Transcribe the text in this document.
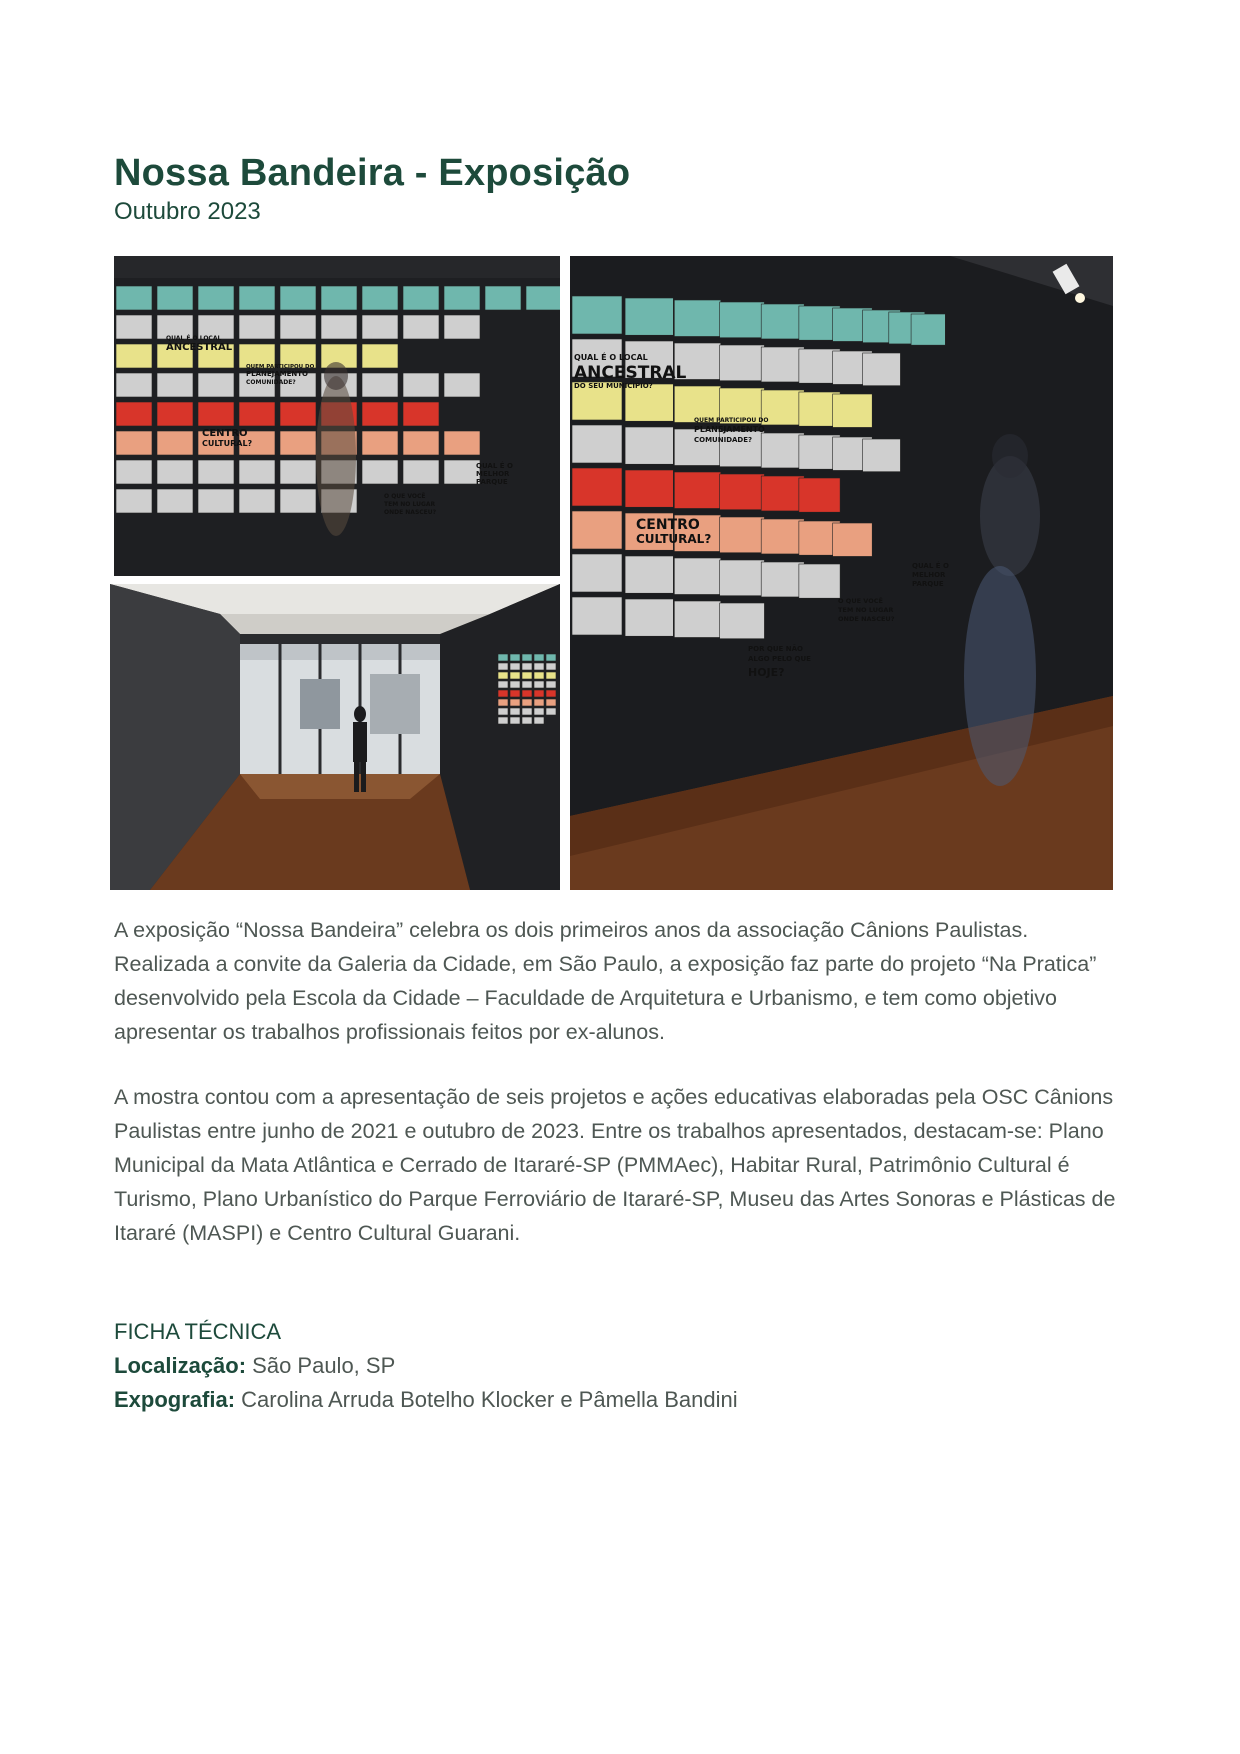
Nossa Bandeira - Exposição

Outubro 2023

QUAL É O LOCAL
ANCESTRAL
QUEM PARTICIPOU DO
PLANEJAMENTO
COMUNIDADE?
CENTRO
CULTURAL?
QUAL É O
MELHOR
PARQUE
O QUE VOCÊ
TEM NO LUGAR
ONDE NASCEU?
QUAL É O LOCAL
ANCESTRAL
DO SEU MUNICÍPIO?
QUEM PARTICIPOU DO
PLANEJAMENTO
COMUNIDADE?
CENTRO
CULTURAL?
QUAL É O
MELHOR
PARQUE
O QUE VOCÊ
TEM NO LUGAR
ONDE NASCEU?
POR QUE NÃO
ALGO PELO QUE
HOJE?

A exposição “Nossa Bandeira” celebra os dois primeiros anos da associação Cânions Paulistas. Realizada a convite da Galeria da Cidade, em São Paulo, a exposição faz parte do projeto “Na Pratica” desenvolvido pela Escola da Cidade – Faculdade de Arquitetura e Urbanismo, e tem como objetivo apresentar os trabalhos profissionais feitos por ex-alunos.

A mostra contou com a apresentação de seis projetos e ações educativas elaboradas pela OSC Cânions Paulistas entre junho de 2021 e outubro de 2023. Entre os trabalhos apresentados, destacam-se: Plano Municipal da Mata Atlântica e Cerrado de Itararé-SP (PMMAec), Habitar Rural, Patrimônio Cultural é Turismo, Plano Urbanístico do Parque Ferroviário de Itararé-SP, Museu das Artes Sonoras e Plásticas de Itararé (MASPI) e Centro Cultural Guarani.

FICHA TÉCNICA

Localização: São Paulo, SP

Expografia: Carolina Arruda Botelho Klocker e Pâmella Bandini
